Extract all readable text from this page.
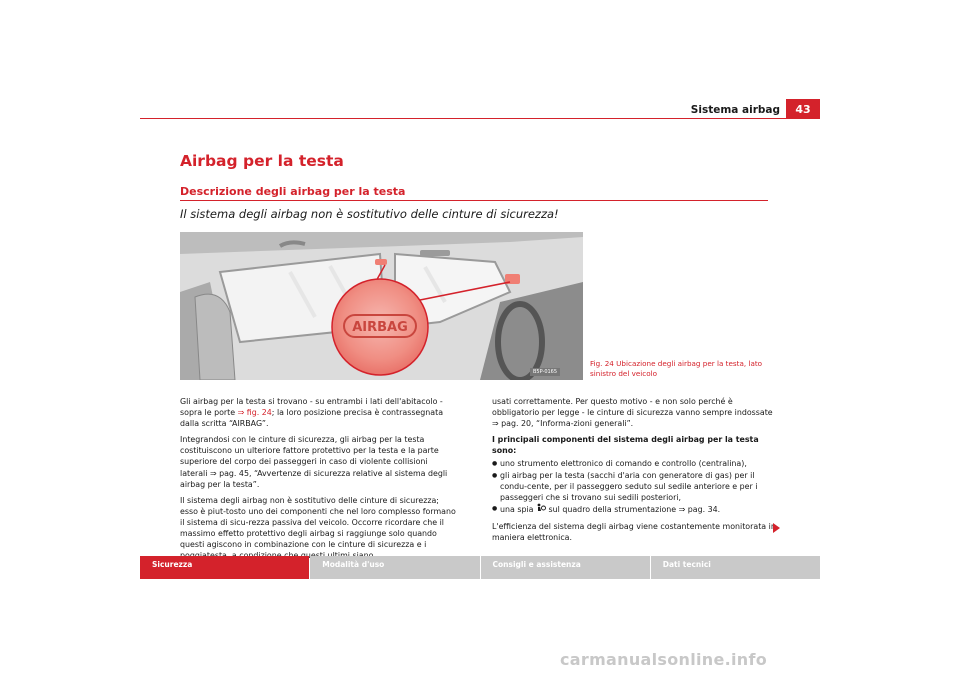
Sistema airbag	43
Airbag per la testa
Descrizione degli airbag per la testa
Il sistema degli airbag non è sostitutivo delle cinture di sicurezza!
AIRBAG
B5P-0165
Fig. 24 Ubicazione degli airbag per la testa, lato sinistro del veicolo

Gli airbag per la testa si trovano - su entrambi i lati dell'abitacolo - sopra le porte ⇒ fig. 24; la loro posizione precisa è contrassegnata dalla scritta “AIRBAG”.

Integrandosi con le cinture di sicurezza, gli airbag per la testa costituiscono un ulteriore fattore protettivo per la testa e la parte superiore del corpo dei passeggeri in caso di violente collisioni laterali ⇒ pag. 45, “Avvertenze di sicurezza relative al sistema degli airbag per la testa”.

Il sistema degli airbag non è sostitutivo delle cinture di sicurezza; esso è piut-tosto uno dei componenti che nel loro complesso formano il sistema di sicu-rezza passiva del veicolo. Occorre ricordare che il massimo effetto protettivo degli airbag si raggiunge solo quando questi agiscono in combinazione con le cinture di sicurezza e i

usati correttamente. Per questo motivo - e non solo perché è obbligatorio per legge - le cinture di sicurezza vanno sempre indossate ⇒ pag. 20, “Informa-zioni generali”.

I principali componenti del sistema degli airbag per la testa sono:

● uno strumento elettronico di comando e controllo (centralina),
● gli airbag per la testa (sacchi d'aria con generatore di gas) per il condu-cente, per il passeggero seduto sul sedile anteriore e per i passeggeri che si trovano sui sedili posteriori,
● una spia  sul quadro della strumentazione ⇒ pag. 34.

L'efficienza del sistema degli airbag viene costantemente monitorata in maniera elettronica.

Sicurezza	Modalità d'uso	Consigli e assistenza	Dati tecnici
carmanualsonline.info
